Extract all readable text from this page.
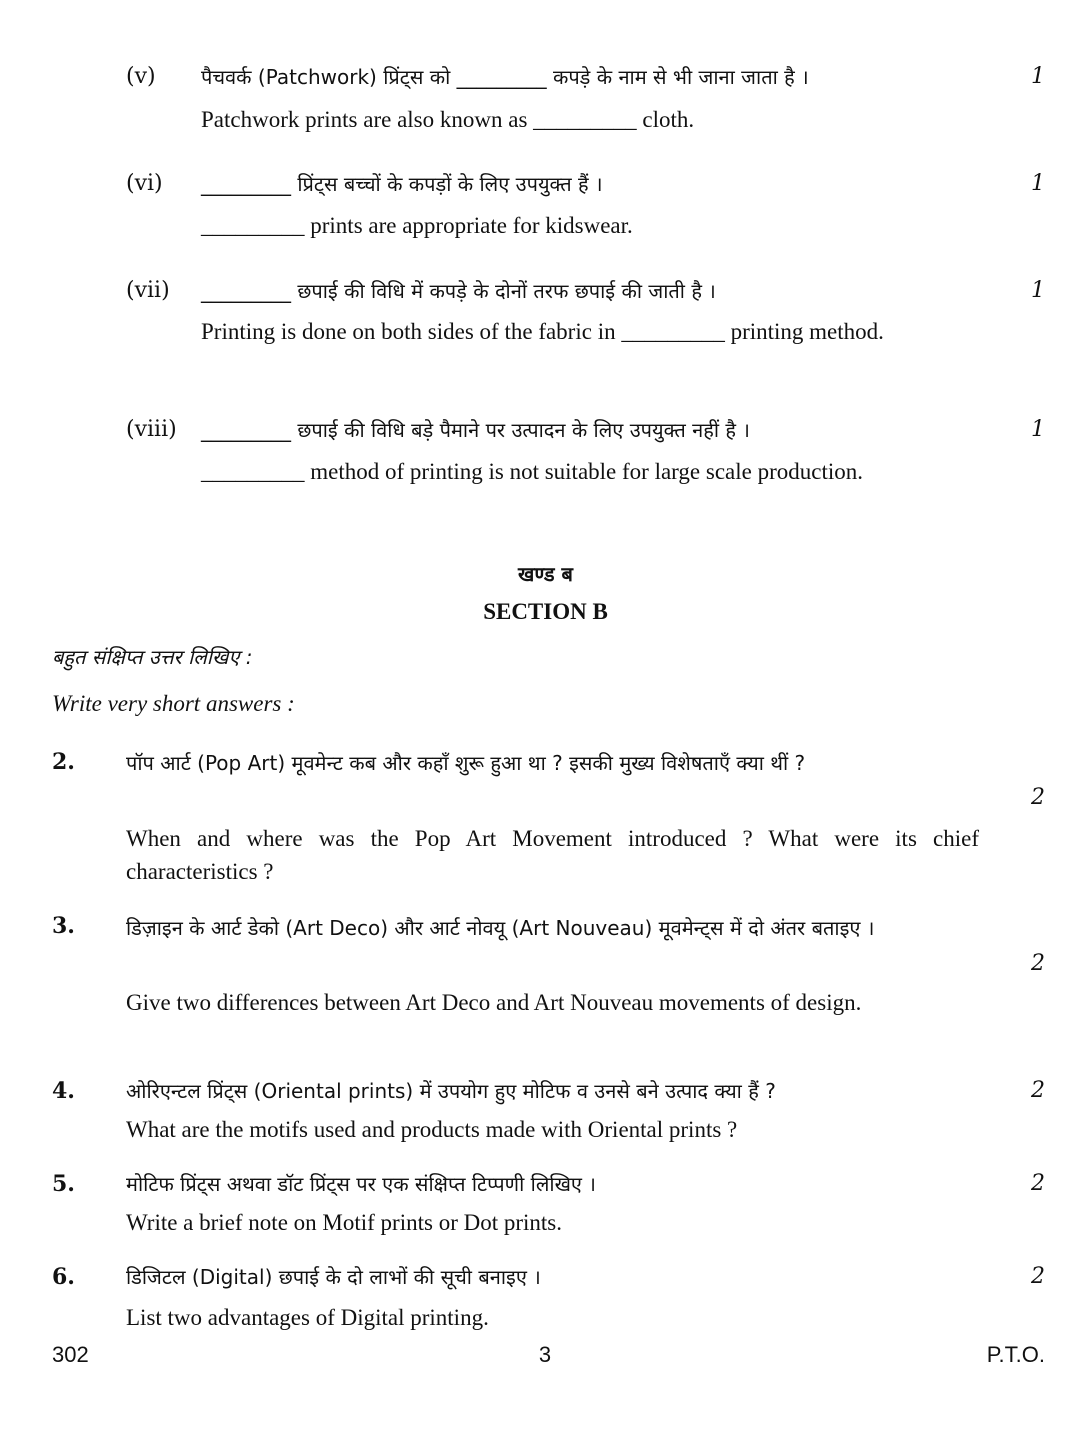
(v) पैचवर्क (Patchwork) प्रिंट्स को _________ कपड़े के नाम से भी जाना जाता है ।	1
Patchwork prints are also known as _________ cloth.
(vi) _________ प्रिंट्स बच्चों के कपड़ों के लिए उपयुक्त हैं ।	1
_________ prints are appropriate for kidswear.
(vii) _________ छपाई की विधि में कपड़े के दोनों तरफ छपाई की जाती है ।	1
Printing is done on both sides of the fabric in _________ printing method.
(viii) _________ छपाई की विधि बड़े पैमाने पर उत्पादन के लिए उपयुक्त नहीं है ।	1
_________ method of printing is not suitable for large scale production.
खण्ड ब
SECTION B
बहुत संक्षिप्त उत्तर लिखिए :
Write very short answers :
2.	पॉप आर्ट (Pop Art) मूवमेन्ट कब और कहाँ शुरू हुआ था ? इसकी मुख्य विशेषताएँ क्या थीं ?
2
When and where was the Pop Art Movement introduced ? What were its chief characteristics ?
3.	डिज़ाइन के आर्ट डेको (Art Deco) और आर्ट नोवयू (Art Nouveau) मूवमेन्ट्स में दो अंतर बताइए ।
2
Give two differences between Art Deco and Art Nouveau movements of design.
4.	ओरिएन्टल प्रिंट्स (Oriental prints) में उपयोग हुए मोटिफ व उनसे बने उत्पाद क्या हैं ?	2
What are the motifs used and products made with Oriental prints ?
5.	मोटिफ प्रिंट्स अथवा डॉट प्रिंट्स पर एक संक्षिप्त टिप्पणी लिखिए ।	2
Write a brief note on Motif prints or Dot prints.
6.	डिजिटल (Digital) छपाई के दो लाभों की सूची बनाइए ।	2
List two advantages of Digital printing.
302	3	P.T.O.
